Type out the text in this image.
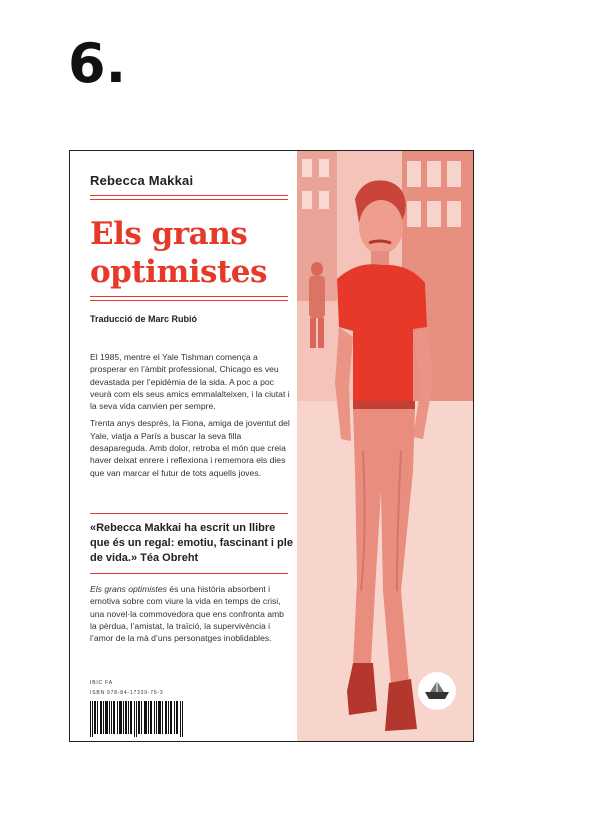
6.
Rebecca Makkai
Els grans
optimistes
Traducció de Marc Rubió

El 1985, mentre el Yale Tishman comença a prosperar en l’àmbit professional, Chicago es veu devastada per l’epidèmia de la sida. A poc a poc veurà com els seus amics emmalalteixen, i la ciutat i la seva vida canvien per sempre.

Trenta anys després, la Fiona, amiga de joventut del Yale, viatja a París a buscar la seva filla desapareguda. Amb dolor, retroba el món que creia haver deixat enrere i reflexiona i rememora els dies que van marcar el futur de tots aquells joves.

«Rebecca Makkai ha escrit un llibre que és un regal: emotiu, fascinant i ple de vida.» Téa Obreht
Els grans optimistes és una història absorbent i emotiva sobre com viure la vida en temps de crisi, una novel·la commovedora que ens confronta amb la pèrdua, l’amistat, la traïció, la supervivència i l’amor de la mà d’uns personatges inoblidables.
IBIC FA
ISBN 978-84-17339-75-3
